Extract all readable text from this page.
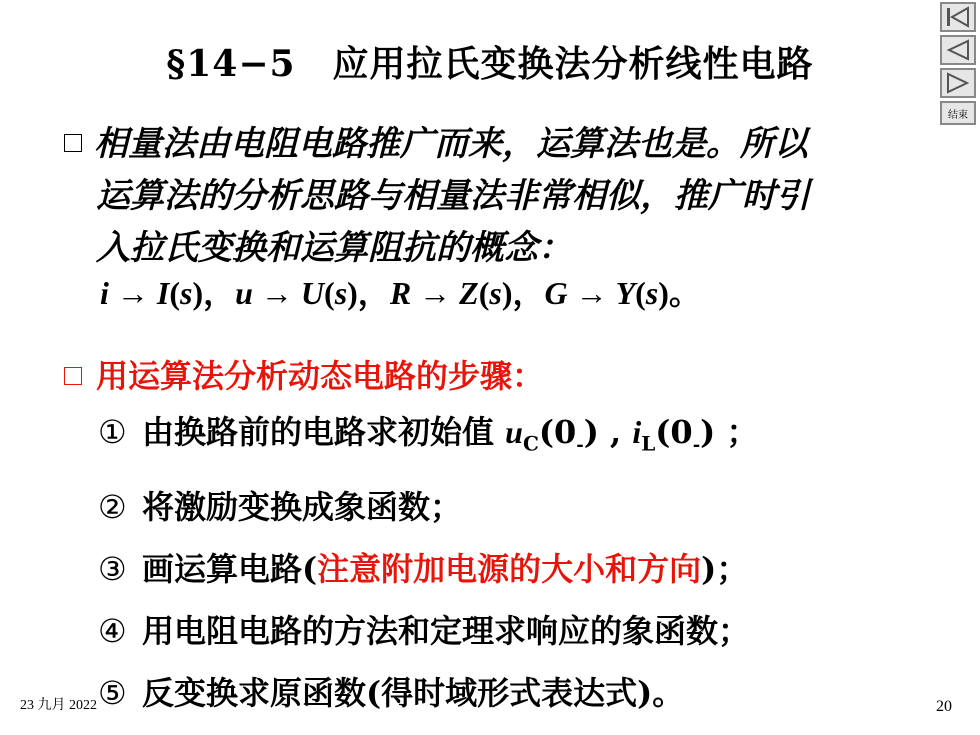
§14−5　应用拉氏变换法分析线性电路
结束
相量法由电阻电路推广而来，运算法也是。所以
运算法的分析思路与相量法非常相似，推广时引
入拉氏变换和运算阻抗的概念：
i → I(s)，u → U(s)，R → Z(s)，G → Y(s)。
用运算法分析动态电路的步骤：
① 由换路前的电路求初始值 $u_C(0_-)$ , $i_L(0_-)$ ；
② 将激励变换成象函数；
③ 画运算电路(注意附加电源的大小和方向)；
④ 用电阻电路的方法和定理求响应的象函数；
⑤ 反变换求原函数(得时域形式表达式)。
23 九月 2022	20
